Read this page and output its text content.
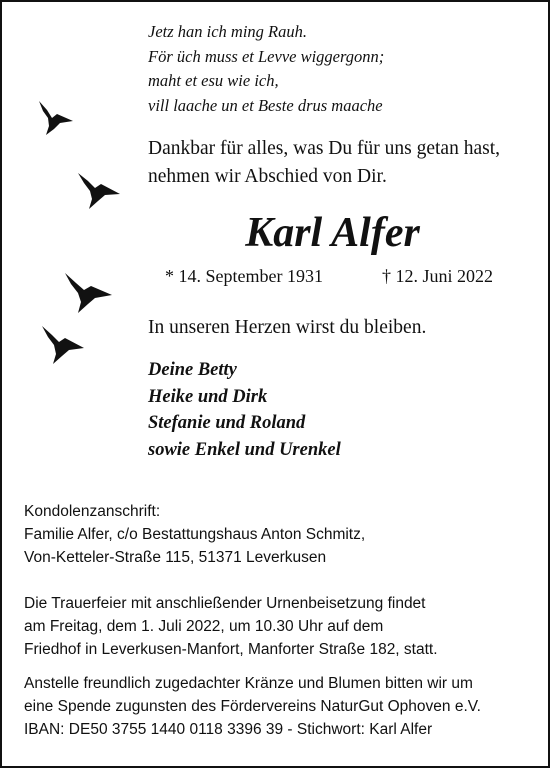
Jetz han ich ming Rauh.
För üch muss et Levve wiggergonn;
maht et esu wie ich,
vill laache un et Beste drus maache
Dankbar für alles, was Du für uns getan hast,
nehmen wir Abschied von Dir.
Karl Alfer
* 14. September 1931	† 12. Juni 2022
In unseren Herzen wirst du bleiben.
Deine Betty
Heike und Dirk
Stefanie und Roland
sowie Enkel und Urenkel
Kondolenzanschrift:
Familie Alfer, c/o Bestattungshaus Anton Schmitz,
Von-Ketteler-Straße 115, 51371 Leverkusen
Die Trauerfeier mit anschließender Urnenbeisetzung findet
am Freitag, dem 1. Juli 2022, um 10.30 Uhr auf dem
Friedhof in Leverkusen-Manfort, Manforter Straße 182, statt.
Anstelle freundlich zugedachter Kränze und Blumen bitten wir um
eine Spende zugunsten des Fördervereins NaturGut Ophoven e.V.
IBAN: DE50 3755 1440 0118 3396 39 - Stichwort: Karl Alfer
